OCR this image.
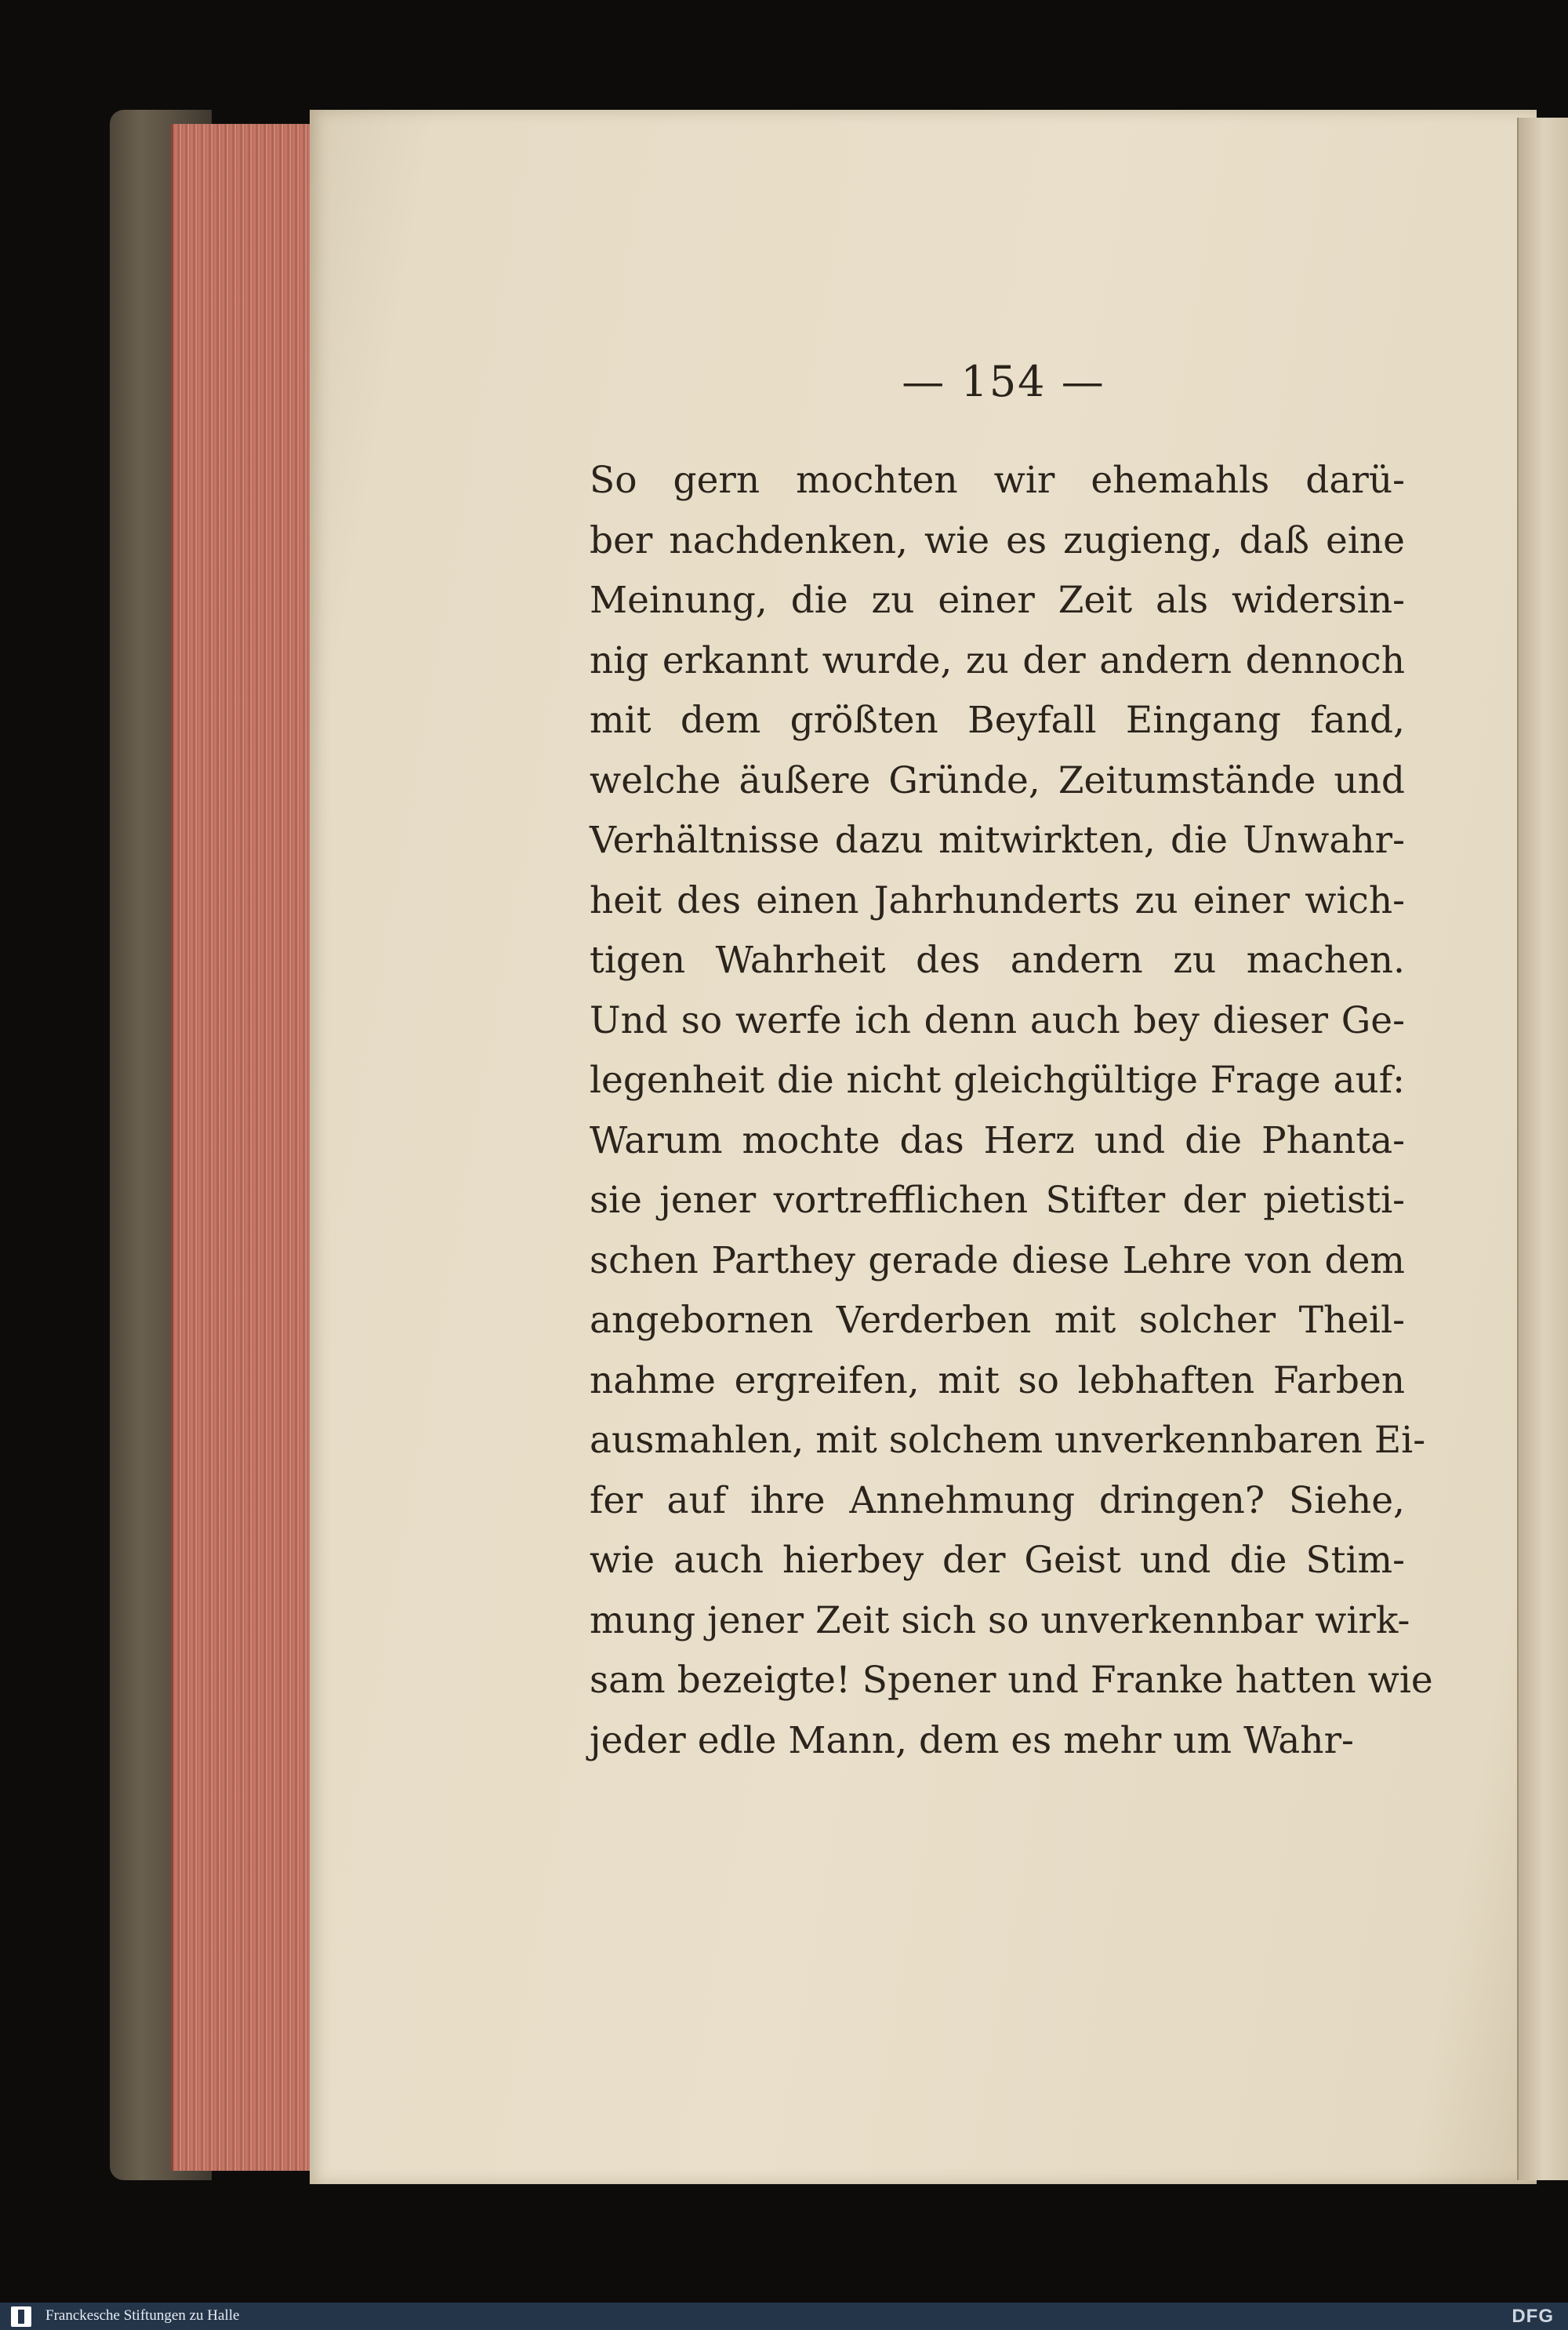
— 154 —
So gern mochten wir ehemahls darü-
ber nachdenken, wie es zugieng, daß eine
Meinung, die zu einer Zeit als widersin-
nig erkannt wurde, zu der andern dennoch
mit dem größten Beyfall Eingang fand,
welche äußere Gründe, Zeitumstände und
Verhältnisse dazu mitwirkten, die Unwahr-
heit des einen Jahrhunderts zu einer wich-
tigen Wahrheit des andern zu machen.
Und so werfe ich denn auch bey dieser Ge-
legenheit die nicht gleichgültige Frage auf:
Warum mochte das Herz und die Phanta-
sie jener vortrefflichen Stifter der pietisti-
schen Parthey gerade diese Lehre von dem
angebornen Verderben mit solcher Theil-
nahme ergreifen, mit so lebhaften Farben
ausmahlen, mit solchem unverkennbaren Ei-
fer auf ihre Annehmung dringen? Siehe,
wie auch hierbey der Geist und die Stim-
mung jener Zeit sich so unverkennbar wirk-
sam bezeigte! Spener und Franke hatten wie
jeder edle Mann, dem es mehr um Wahr-
Franckesche Stiftungen zu Halle	DFG
